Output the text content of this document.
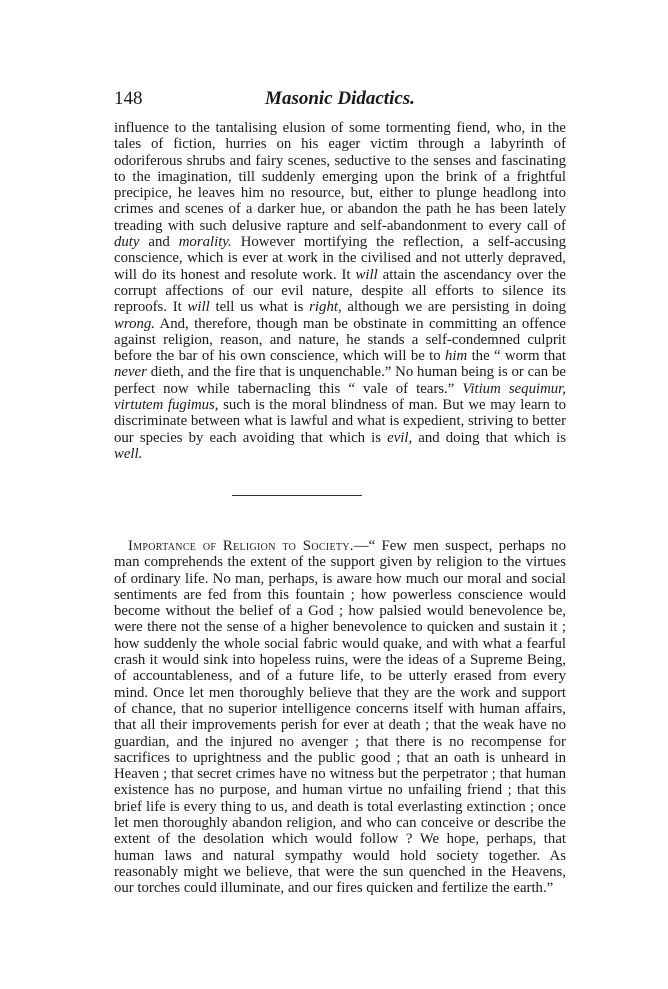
148	Masonic Didactics.

influence to the tantalising elusion of some tormenting fiend, who, in the tales of fiction, hurries on his eager victim through a labyrinth of odoriferous shrubs and fairy scenes, seductive to the senses and fascinating to the imagination, till suddenly emerging upon the brink of a frightful precipice, he leaves him no resource, but, either to plunge headlong into crimes and scenes of a darker hue, or abandon the path he has been lately treading with such delusive rapture and self-abandonment to every call of duty and morality. However mortifying the reflection, a self-accusing conscience, which is ever at work in the civilised and not utterly depraved, will do its honest and resolute work. It will attain the ascendancy over the corrupt affections of our evil nature, despite all efforts to silence its reproofs. It will tell us what is right, although we are persisting in doing wrong. And, therefore, though man be obstinate in committing an offence against religion, reason, and nature, he stands a self-condemned culprit before the bar of his own conscience, which will be to him the “ worm that never dieth, and the fire that is unquenchable.” No human being is or can be perfect now while tabernacling this “ vale of tears.” Vitium sequimur, virtutem fugimus, such is the moral blindness of man. But we may learn to discriminate between what is lawful and what is expedient, striving to better our species by each avoiding that which is evil, and doing that which is well.

Importance of Religion to Society.—“ Few men suspect, perhaps no man comprehends the extent of the support given by religion to the virtues of ordinary life. No man, perhaps, is aware how much our moral and social sentiments are fed from this fountain ; how powerless conscience would become without the belief of a God ; how palsied would benevolence be, were there not the sense of a higher benevolence to quicken and sustain it ; how suddenly the whole social fabric would quake, and with what a fearful crash it would sink into hopeless ruins, were the ideas of a Supreme Being, of accountableness, and of a future life, to be utterly erased from every mind. Once let men thoroughly believe that they are the work and support of chance, that no superior intelligence concerns itself with human affairs, that all their improvements perish for ever at death ; that the weak have no guardian, and the injured no avenger ; that there is no recompense for sacrifices to uprightness and the public good ; that an oath is unheard in Heaven ; that secret crimes have no witness but the perpetrator ; that human existence has no purpose, and human virtue no unfailing friend ; that this brief life is every thing to us, and death is total everlasting extinction ; once let men thoroughly abandon religion, and who can conceive or describe the extent of the desolation which would follow ? We hope, perhaps, that human laws and natural sympathy would hold society together. As reasonably might we believe, that were the sun quenched in the Heavens, our torches could illuminate, and our fires quicken and fertilize the earth.”
